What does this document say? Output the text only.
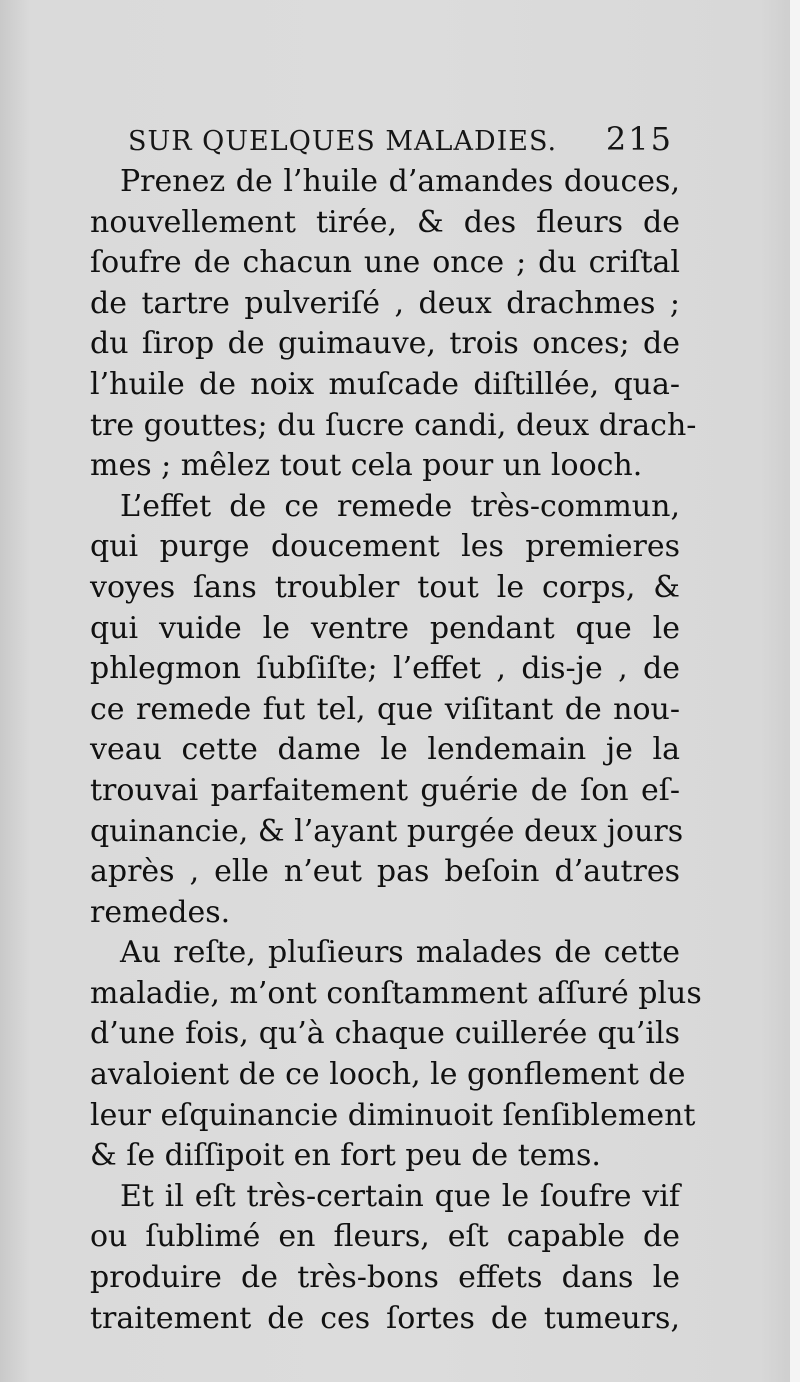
SUR QUELQUES MALADIES. 215
Prenez de l’huile d’amandes douces,
nouvellement tirée, & des fleurs de
ſoufre de chacun une once ; du criſtal
de tartre pulveriſé , deux drachmes ;
du ſirop de guimauve, trois onces; de
l’huile de noix muſcade diſtillée, qua-
tre gouttes; du ſucre candi, deux drach-
mes ; mêlez tout cela pour un looch.
L’effet de ce remede très-commun,
qui purge doucement les premieres
voyes ſans troubler tout le corps, &
qui vuide le ventre pendant que le
phlegmon ſubſiſte; l’effet , dis-je , de
ce remede fut tel, que viſitant de nou-
veau cette dame le lendemain je la
trouvai parfaitement guérie de ſon eſ-
quinancie, & l’ayant purgée deux jours
après , elle n’eut pas beſoin d’autres
remedes.
Au reſte, pluſieurs malades de cette
maladie, m’ont conſtamment aſſuré plus
d’une fois, qu’à chaque cuillerée qu’ils
avaloient de ce looch, le gonflement de
leur eſquinancie diminuoit ſenſiblement
& ſe diſſipoit en fort peu de tems.
Et il eſt très-certain que le ſoufre vif
ou ſublimé en fleurs, eſt capable de
produire de très-bons effets dans le
traitement de ces ſortes de tumeurs,
